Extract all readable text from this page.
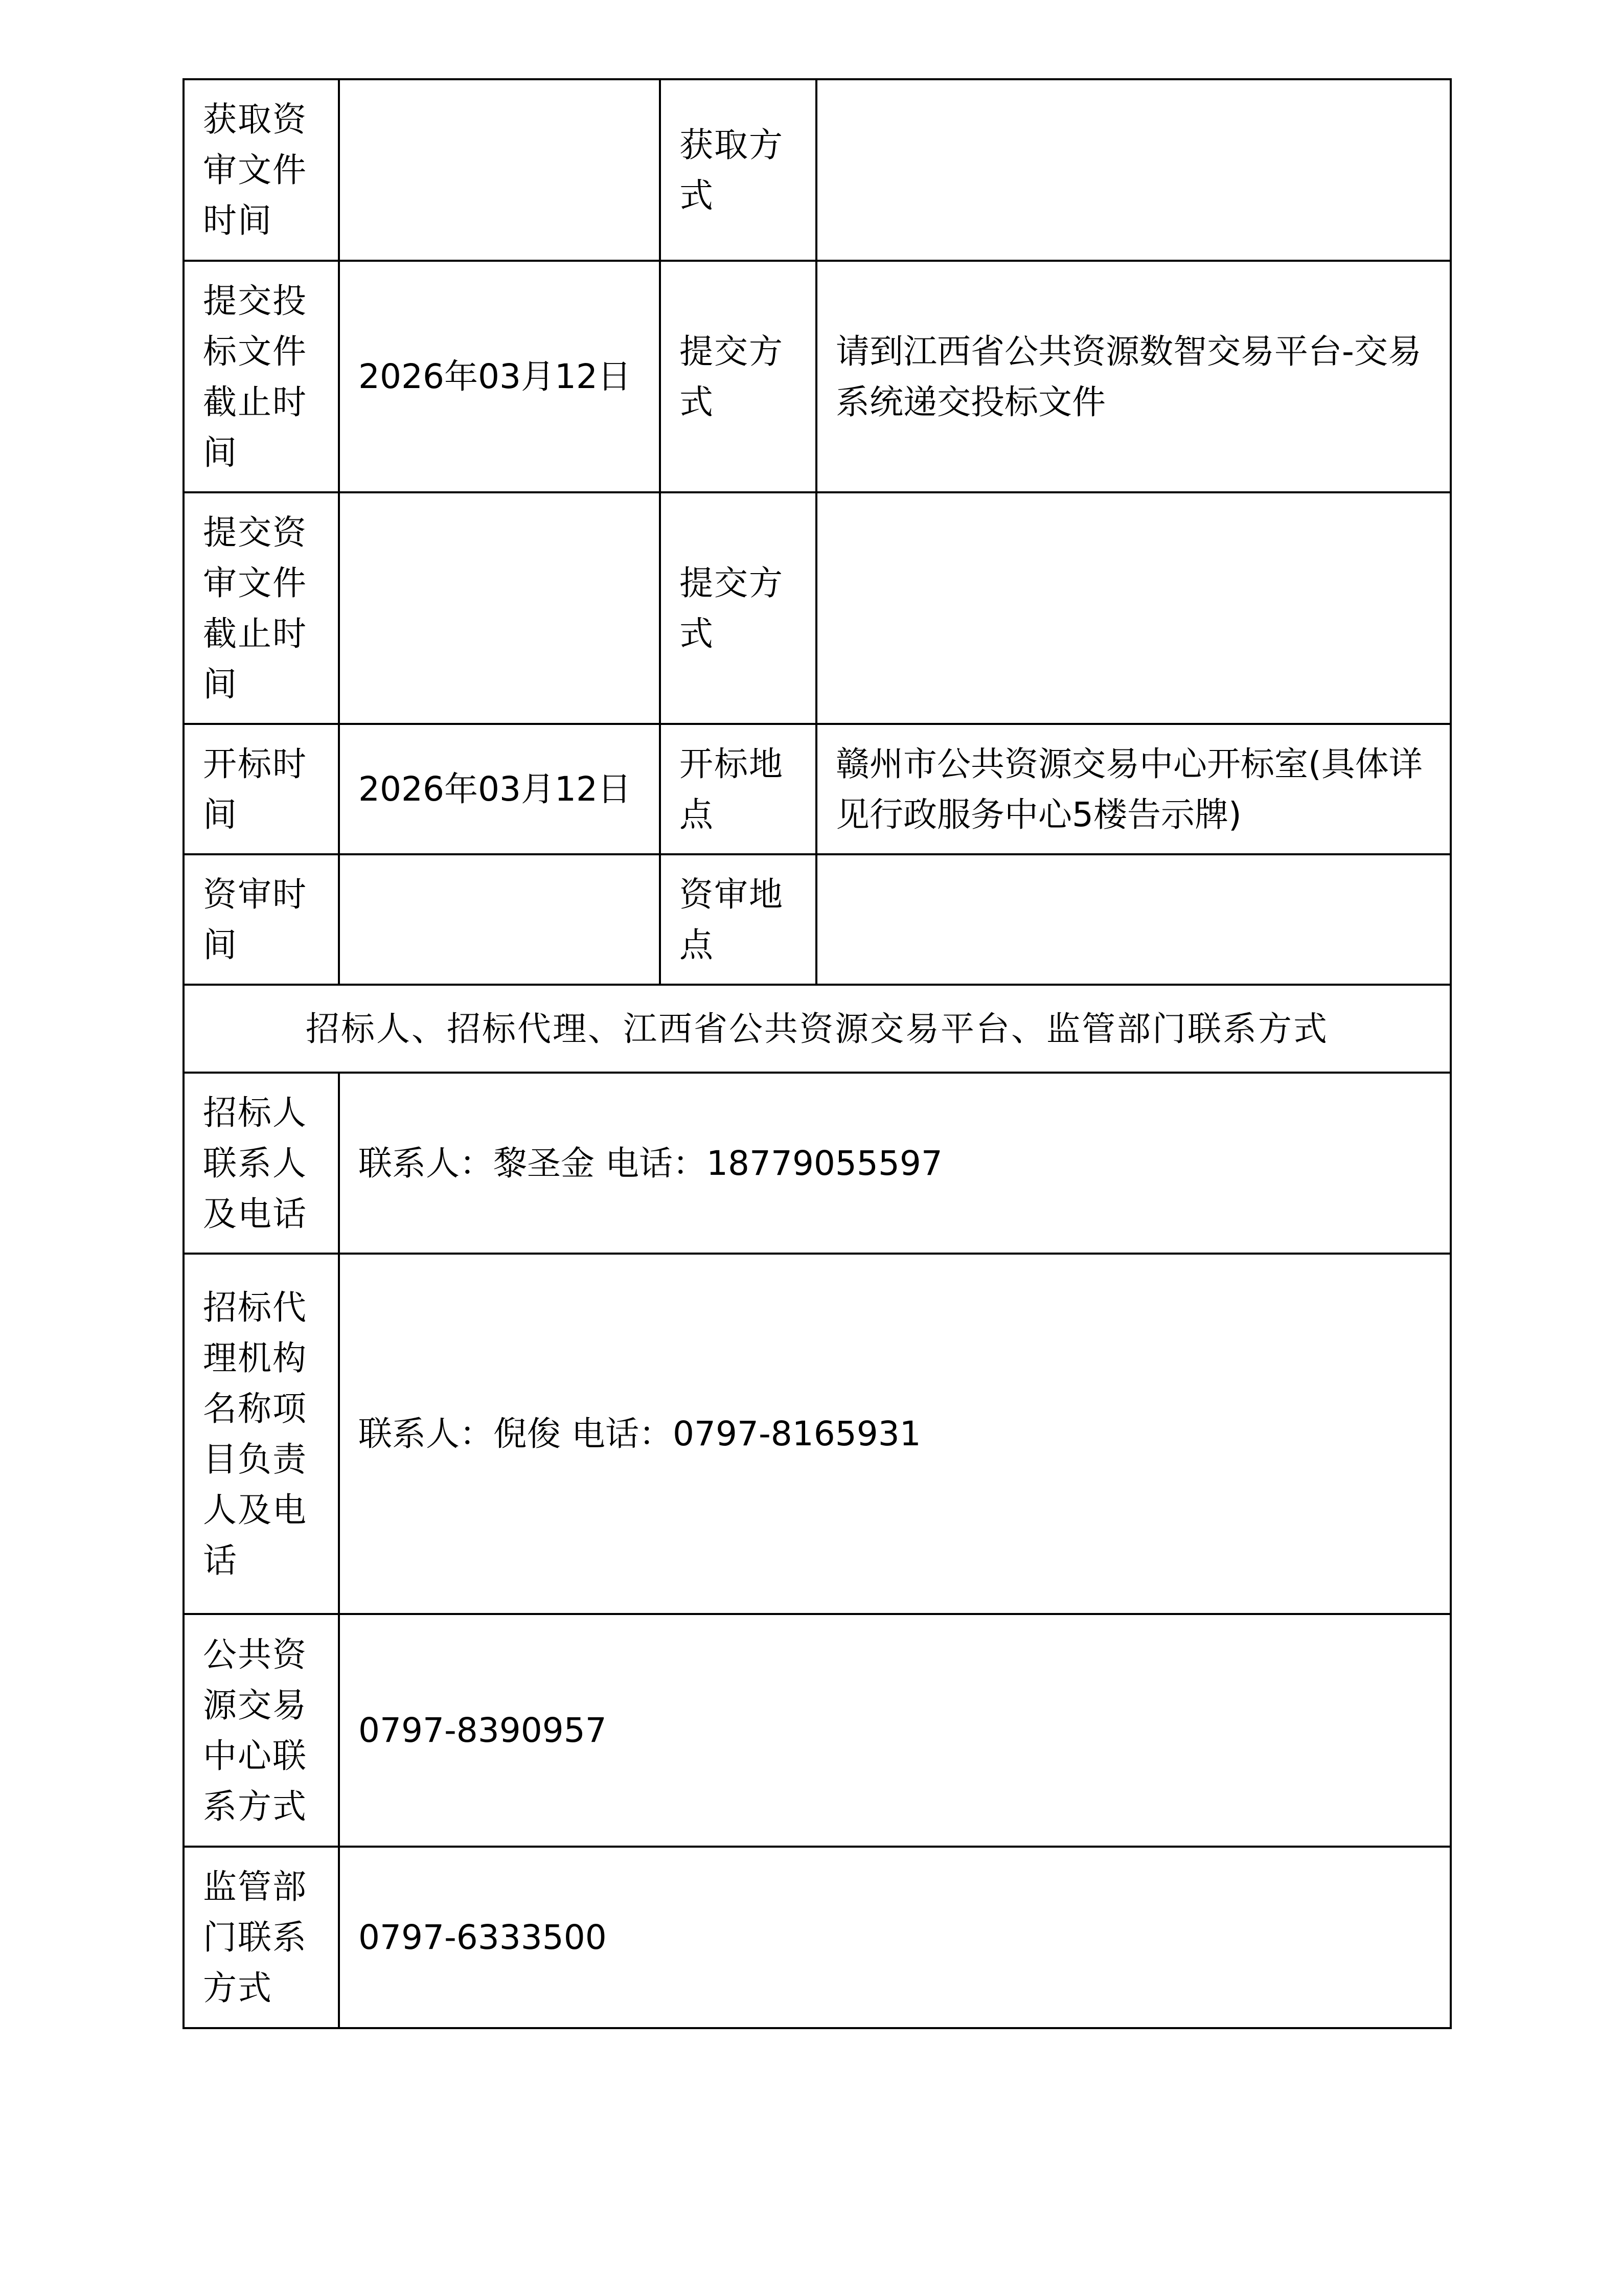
获取资审文件时间		获取方式	
提交投标文件截止时间	2026年03月12日	提交方式	请到江西省公共资源数智交易平台-交易系统递交投标文件
提交资审文件截止时间		提交方式	
开标时间	2026年03月12日	开标地点	赣州市公共资源交易中心开标室(具体详见行政服务中心5楼告示牌)
资审时间		资审地点	
招标人、招标代理、江西省公共资源交易平台、监管部门联系方式			
招标人联系人及电话	联系人：黎圣金 电话：18779055597		
招标代理机构名称项目负责人及电话	联系人：倪俊 电话：0797-8165931		
公共资源交易中心联系方式	0797-8390957		
监管部门联系方式	0797-6333500		
